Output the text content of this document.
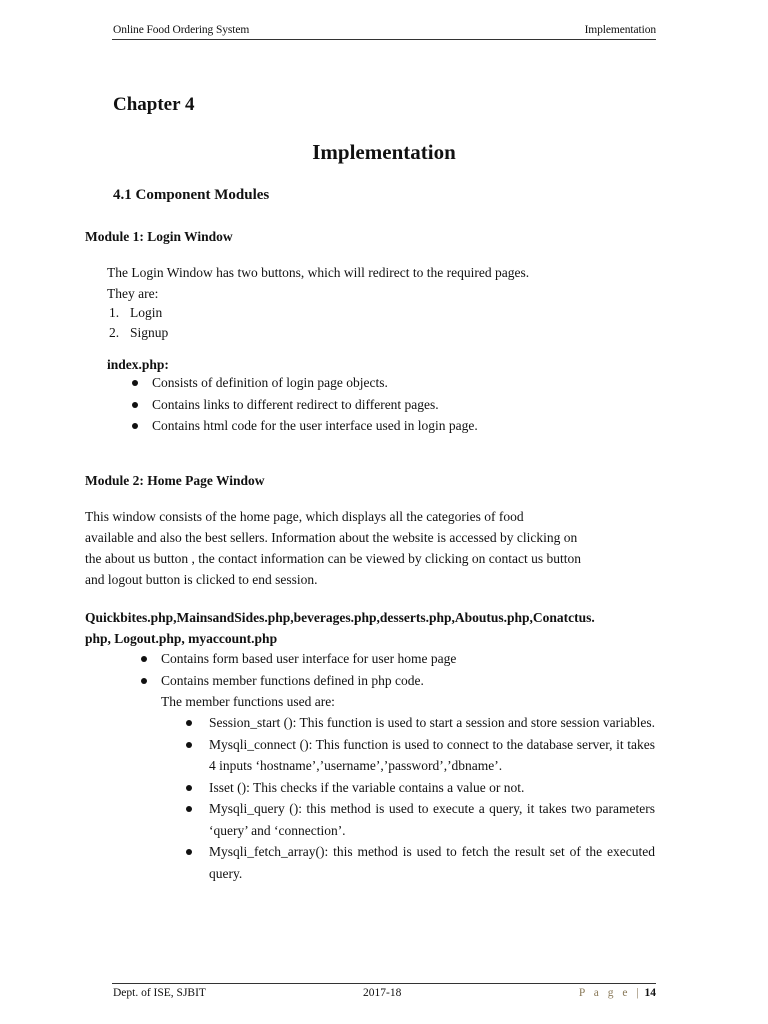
Online Food Ordering System	Implementation
Chapter 4
Implementation
4.1 Component Modules
Module 1: Login Window
The Login Window has two buttons, which will redirect to the required pages.
They are:
1. Login
2. Signup
index.php:
Consists of definition of login page objects.
Contains links to different redirect to different pages.
Contains html code for the user interface used in login page.
Module 2: Home Page Window
This window consists of the home page, which displays all the categories of food
available and also the best sellers. Information about the website is accessed by clicking on
the about us button , the contact information can be viewed by clicking on contact us button
and logout button is clicked to end session.
Quickbites.php,MainsandSides.php,beverages.php,desserts.php,Aboutus.php,Conatctus.
php, Logout.php, myaccount.php
Contains form based user interface for user home page
Contains member functions defined in php code.
The member functions used are:
Session_start (): This function is used to start a session and store session variables.
Mysqli_connect (): This function is used to connect to the database server, it takes 4 inputs ‘hostname’,’username’,’password’,’dbname’.
Isset (): This checks if the variable contains a value or not.
Mysqli_query (): this method is used to execute a query, it takes two parameters ‘query’ and ‘connection’.
Mysqli_fetch_array(): this method is used to fetch the result set of the executed query.
Dept. of ISE, SJBIT	2017-18	P a g e | 14
